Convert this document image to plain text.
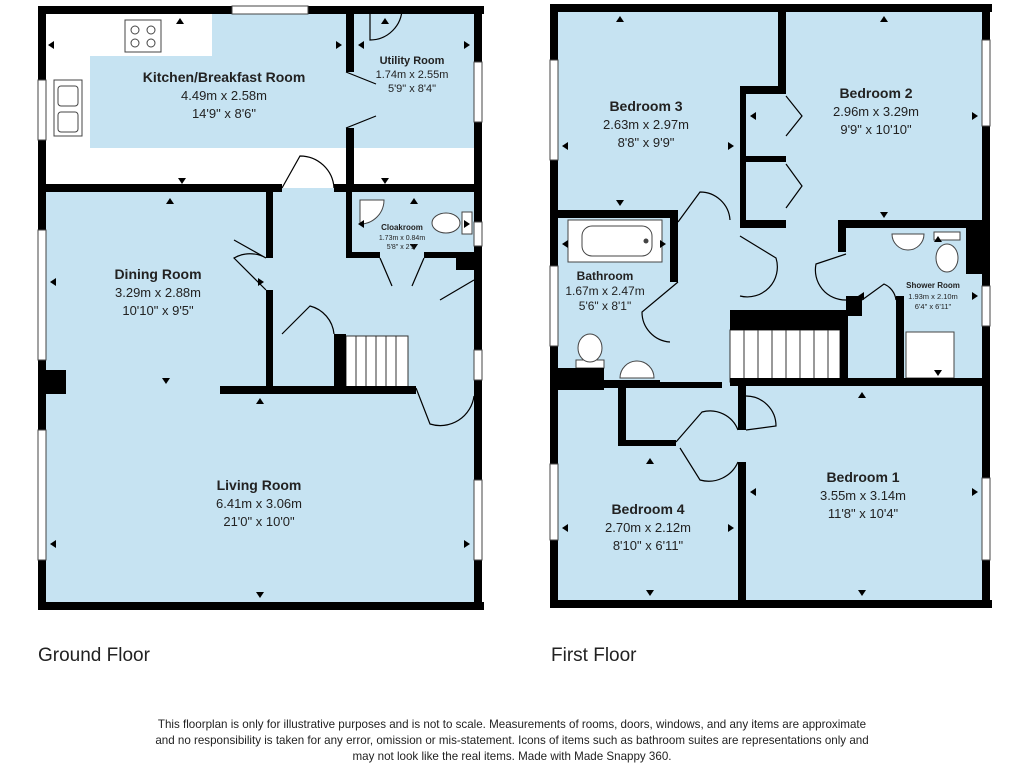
Kitchen/Breakfast Room
4.49m x 2.58m
14'9" x 8'6"
Utility Room
1.74m x 2.55m
5'9" x 8'4"
Cloakroom
1.73m x 0.84m
5'8" x 2'9"
Dining Room
3.29m x 2.88m
10'10" x 9'5"
Living Room
6.41m x 3.06m
21'0" x 10'0"
Bedroom 3
2.63m x 2.97m
8'8" x 9'9"
Bedroom 2
2.96m x 3.29m
9'9" x 10'10"
Bathroom
1.67m x 2.47m
5'6" x 8'1"
Shower Room
1.93m x 2.10m
6'4" x 6'11"
Bedroom 4
2.70m x 2.12m
8'10" x 6'11"
Bedroom 1
3.55m x 3.14m
11'8" x 10'4"
Ground Floor	First Floor
This floorplan is only for illustrative purposes and is not to scale. Measurements of rooms, doors, windows, and any items are approximate
and no responsibility is taken for any error, omission or mis-statement. Icons of items such as bathroom suites are representations only and
may not look like the real items. Made with Made Snappy 360.
